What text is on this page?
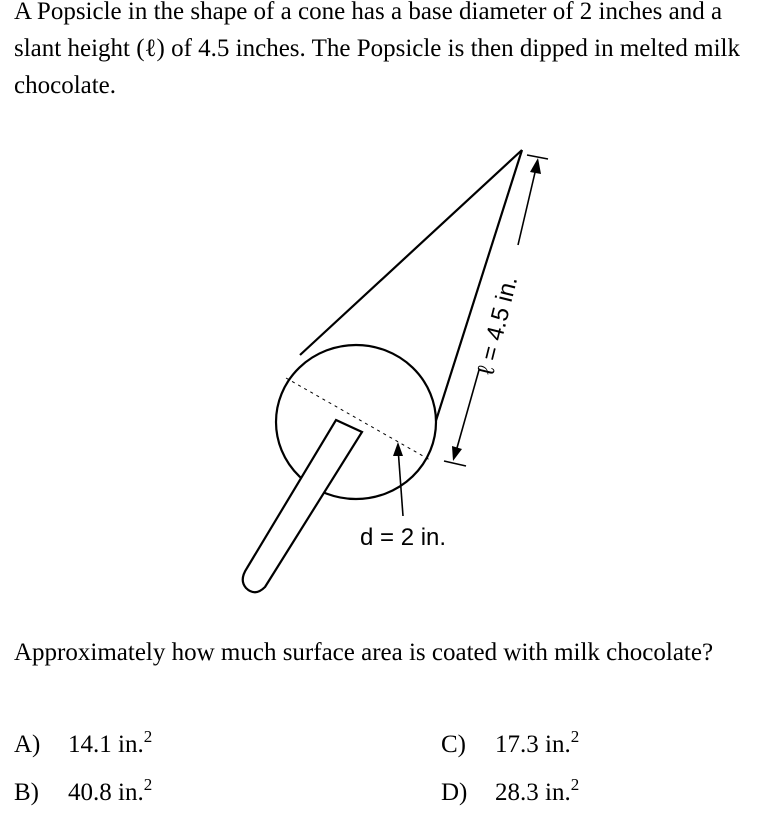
A Popsicle in the shape of a cone has a base diameter of 2 inches and a slant height (ℓ) of 4.5 inches. The Popsicle is then dipped in melted milk chocolate.

ℓ = 4.5 in.
d = 2 in.

Approximately how much surface area is coated with milk chocolate?

A) 14.1 in.$^2$
B) 40.8 in.$^2$
C) 17.3 in.$^2$
D) 28.3 in.$^2$
